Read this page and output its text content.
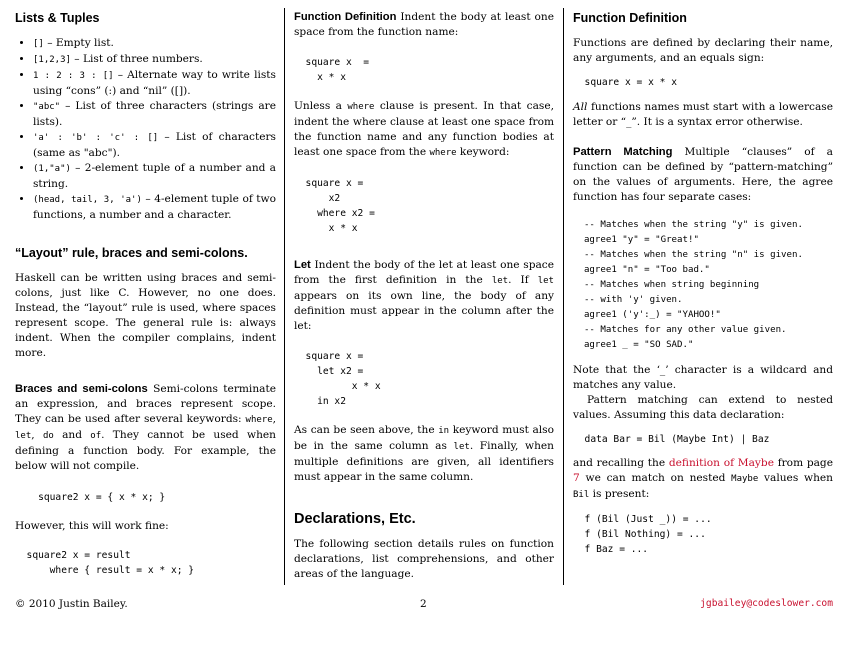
Lists & Tuples
• [] – Empty list.
• [1,2,3] – List of three numbers.
• 1 : 2 : 3 : [] – Alternate way to write lists using “cons” (:) and “nil” ([]).
• "abc" – List of three characters (strings are lists).
• 'a' : 'b' : 'c' : [] – List of characters (same as "abc").
• (1,"a") – 2-element tuple of a number and a string.
• (head, tail, 3, 'a') – 4-element tuple of two functions, a number and a character.
“Layout” rule, braces and semi-colons.

Haskell can be written using braces and semi-colons, just like C. However, no one does. Instead, the “layout” rule is used, where spaces represent scope. The general rule is: always indent. When the compiler complains, indent more.

Braces and semi-colons Semi-colons terminate an expression, and braces represent scope. They can be used after several keywords: where, let, do and of. They cannot be used when defining a function body. For example, the below will not compile.

square2 x = { x * x; }

However, this will work fine:

square2 x = result
where { result = x * x; }

Function Definition Indent the body at least one space from the function name:

square x  =
x * x

Unless a where clause is present. In that case, indent the where clause at least one space from the function name and any function bodies at least one space from the where keyword:

square x =
x2
where x2 =
x * x

Let Indent the body of the let at least one space from the first definition in the let. If let appears on its own line, the body of any definition must appear in the column after the let:

square x =
let x2 =
x * x
in x2

As can be seen above, the in keyword must also be in the same column as let. Finally, when multiple definitions are given, all identifiers must appear in the same column.

Declarations, Etc.

The following section details rules on function declarations, list comprehensions, and other areas of the language.

Function Definition

Functions are defined by declaring their name, any arguments, and an equals sign:

square x = x * x

All functions names must start with a lowercase letter or “_”. It is a syntax error otherwise.

Pattern Matching Multiple “clauses” of a function can be defined by “pattern-matching” on the values of arguments. Here, the agree function has four separate cases:

-- Matches when the string "y" is given.
agree1 "y" = "Great!"
-- Matches when the string "n" is given.
agree1 "n" = "Too bad."
-- Matches when string beginning
-- with 'y' given.
agree1 ('y':_) = "YAHOO!"
-- Matches for any other value given.
agree1 _ = "SO SAD."

Note that the ‘_’ character is a wildcard and matches any value.

Pattern matching can extend to nested values. Assuming this data declaration:

data Bar = Bil (Maybe Int) | Baz

and recalling the definition of Maybe from page 7 we can match on nested Maybe values when Bil is present:

f (Bil (Just _)) = ...
f (Bil Nothing) = ...
f Baz = ...
© 2010 Justin Bailey.	2	jgbailey@codeslower.com
